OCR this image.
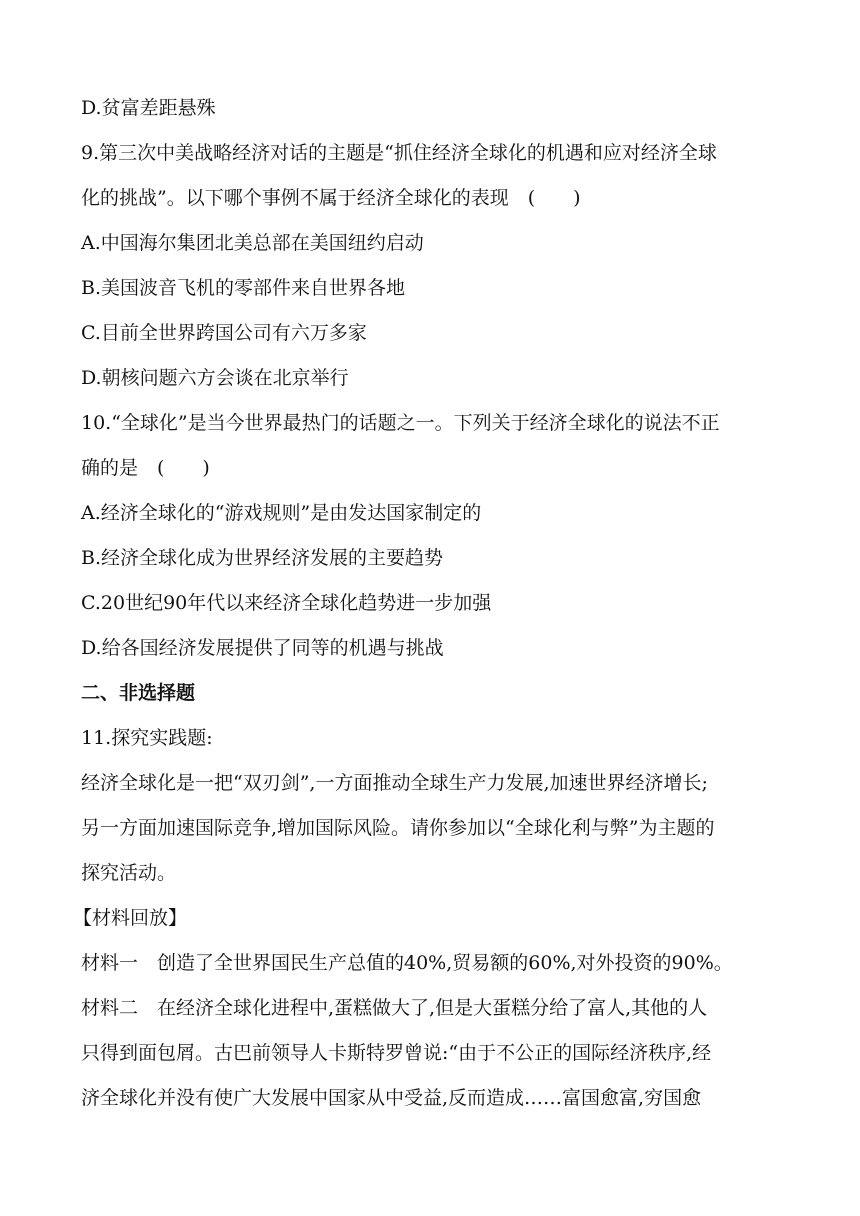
D.贫富差距悬殊
9.第三次中美战略经济对话的主题是“抓住经济全球化的机遇和应对经济全球
化的挑战”。以下哪个事例不属于经济全球化的表现　(　　)
A.中国海尔集团北美总部在美国纽约启动
B.美国波音飞机的零部件来自世界各地
C.目前全世界跨国公司有六万多家
D.朝核问题六方会谈在北京举行
10.“全球化”是当今世界最热门的话题之一。下列关于经济全球化的说法不正
确的是　(　　)
A.经济全球化的“游戏规则”是由发达国家制定的
B.经济全球化成为世界经济发展的主要趋势
C.20世纪90年代以来经济全球化趋势进一步加强
D.给各国经济发展提供了同等的机遇与挑战
二、非选择题
11.探究实践题:
经济全球化是一把“双刃剑”,一方面推动全球生产力发展,加速世界经济增长;
另一方面加速国际竞争,增加国际风险。请你参加以“全球化利与弊”为主题的
探究活动。
【材料回放】
材料一　创造了全世界国民生产总值的40%,贸易额的60%,对外投资的90%。
材料二　在经济全球化进程中,蛋糕做大了,但是大蛋糕分给了富人,其他的人
只得到面包屑。古巴前领导人卡斯特罗曾说:“由于不公正的国际经济秩序,经
济全球化并没有使广大发展中国家从中受益,反而造成……富国愈富,穷国愈
